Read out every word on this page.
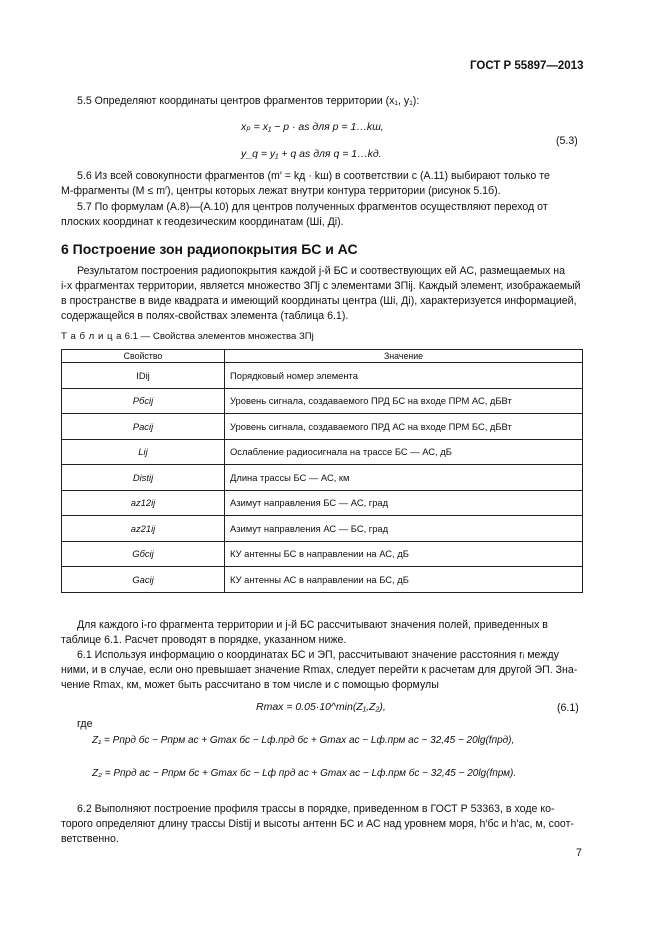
ГОСТ Р 55897—2013
5.5 Определяют координаты центров фрагментов территории (x₁, y₁):
xₚ = x₁ − p · as для p = 1…kш,
(5.3)
y_q = y₁ + q as для q = 1…kд.
5.6 Из всей совокупности фрагментов (m′ = kд · kш) в соответствии с (А.11) выбирают только те
M-фрагменты (M ≤ m′), центры которых лежат внутри контура территории (рисунок 5.1б).
5.7 По формулам (А.8)—(А.10) для центров полученных фрагментов осуществляют переход от
плоских координат к геодезическим координатам (Шi, Дi).
6 Построение зон радиопокрытия БС и АС
Результатом построения радиопокрытия каждой j-й БС и соотвествующих ей АС, размещаемых на
i-х фрагментах территории, является множество ЗПj с элементами ЗПij. Каждый элемент, изображаемый
в пространстве в виде квадрата и имеющий координаты центра (Шi, Дi), характеризуется информацией,
содержащейся в полях-свойствах элемента (таблица 6.1).
Т а б л и ц а 6.1 — Свойства элементов множества ЗПj
Свойство	Значение
IDij	Порядковый номер элемента
Pбсij	Уровень сигнала, создаваемого ПРД БС на входе ПРМ АС, дБВт
Pacij	Уровень сигнала, создаваемого ПРД АС на входе ПРМ БС, дБВт
Lij	Ослабление радиосигнала на трассе БС — АС, дБ
Distij	Длина трассы БС — АС, км
az12ij	Азимут направления БС — АС, град
az21ij	Азимут направления АС — БС, град
Gбсij	КУ антенны БС в направлении на АС, дБ
Gacij	КУ антенны АС в направлении на БС, дБ
Для каждого i-го фрагмента территории и j-й БС рассчитывают значения полей, приведенных в
таблице 6.1. Расчет проводят в порядке, указанном ниже.
6.1 Используя информацию о координатах БС и ЭП, рассчитывают значение расстояния rᵢ между
ними, и в случае, если оно превышает значение Rmax, следует перейти к расчетам для другой ЭП. Зна-
чение Rmax, км, может быть рассчитано в том числе и с помощью формулы
Rmax = 0.05·10^min(Z₁,Z₂),	(6.1)
где
Z₁ = Pпрд бс − Pпрм ас + Gmax бс − Lф.прд бс + Gmax ас − Lф.прм ас − 32,45 − 20lg(fпрд),
Z₂ = Pпрд ас − Pпрм бс + Gmax бс − Lф прд ас + Gmax ас − Lф.прм бс − 32,45 − 20lg(fпрм).
6.2 Выполняют построение профиля трассы в порядке, приведенном в ГОСТ Р 53363, в ходе ко-
торого определяют длину трассы Distij и высоты антенн БС и АС над уровнем моря, h′бс и h′ас, м, соот-
ветственно.
7
